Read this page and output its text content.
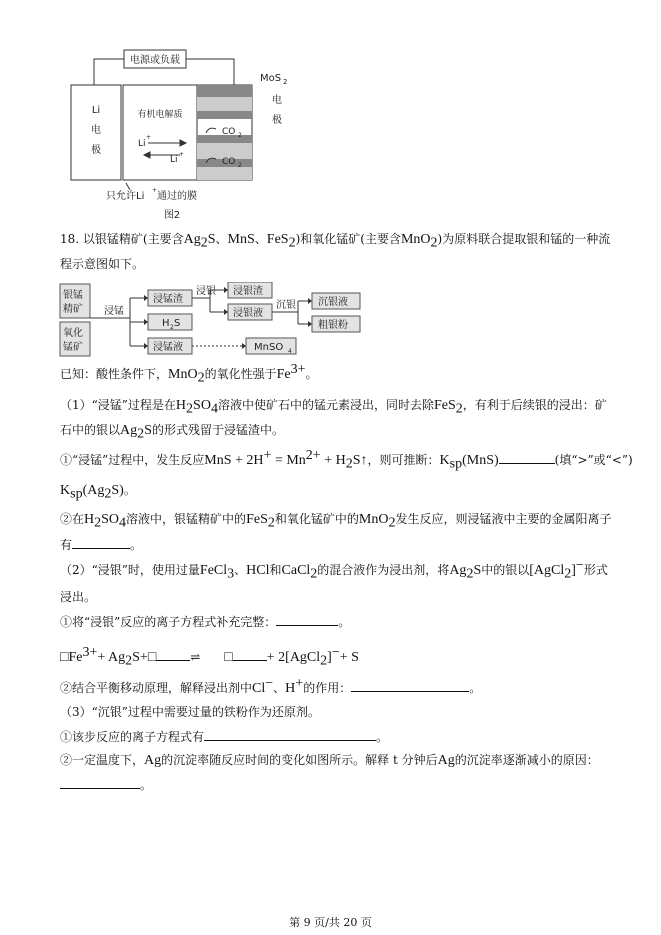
电源或负载
Li
电
极
有机电解质
Li
+
Li
+
CO 2
CO 2
MoS 2
电
极
只允许Li
+
通过的膜
图2
18. 以银锰精矿(主要含$Ag_2S$、MnS、FeS$_2$)和氧化锰矿(主要含MnO$_2$)为原料联合提取银和锰的一种流
程示意图如下。
银锰
精矿
氧化
锰矿
浸锰
浸锰渣
H 2 S
浸锰液
浸银 浸银渣
浸银液
沉银 沉银液
粗银粉
MnSO 4
已知：酸性条件下，MnO$_2$的氧化性强于$Fe^{3+}$。
（1）“浸锰”过程是在$H_2SO_4$溶液中使矿石中的锰元素浸出，同时去除FeS$_2$，有利于后续银的浸出：矿
石中的银以$Ag_2S$的形式残留于浸锰渣中。
①“浸锰”过程中，发生反应MnS + $2H^+ = Mn^{2+}$ + $H_2S↑$，则可推断：$K_{sp}(MnS)$	(填“>”或“<”)
$K_{sp}(Ag_2S)$。
②在$H_2SO_4$溶液中，银锰精矿中的FeS$_2$和氧化锰矿中的MnO$_2$发生反应，则浸锰液中主要的金属阳离子
有	。
（2）“浸银”时，使用过量FeCl$_3$、HCl和CaCl$_2$的混合液作为浸出剂，将$Ag_2S$中的银以[AgCl$_2$]−形式
浸出。
①将“浸银”反应的离子方程式补充完整：	。
$□Fe^{3+}+$ $Ag_2S+□$	⇌ □ + 2[AgCl$_2$]−+ S
②结合平衡移动原理，解释浸出剂中Cl−、H+的作用：	。
（3）“沉银”过程中需要过量的铁粉作为还原剂。
①该步反应的离子方程式有	。
②一定温度下，Ag的沉淀率随反应时间的变化如图所示。解释 t 分钟后Ag的沉淀率逐渐减小的原因：
。
第 9 页/共 20 页
